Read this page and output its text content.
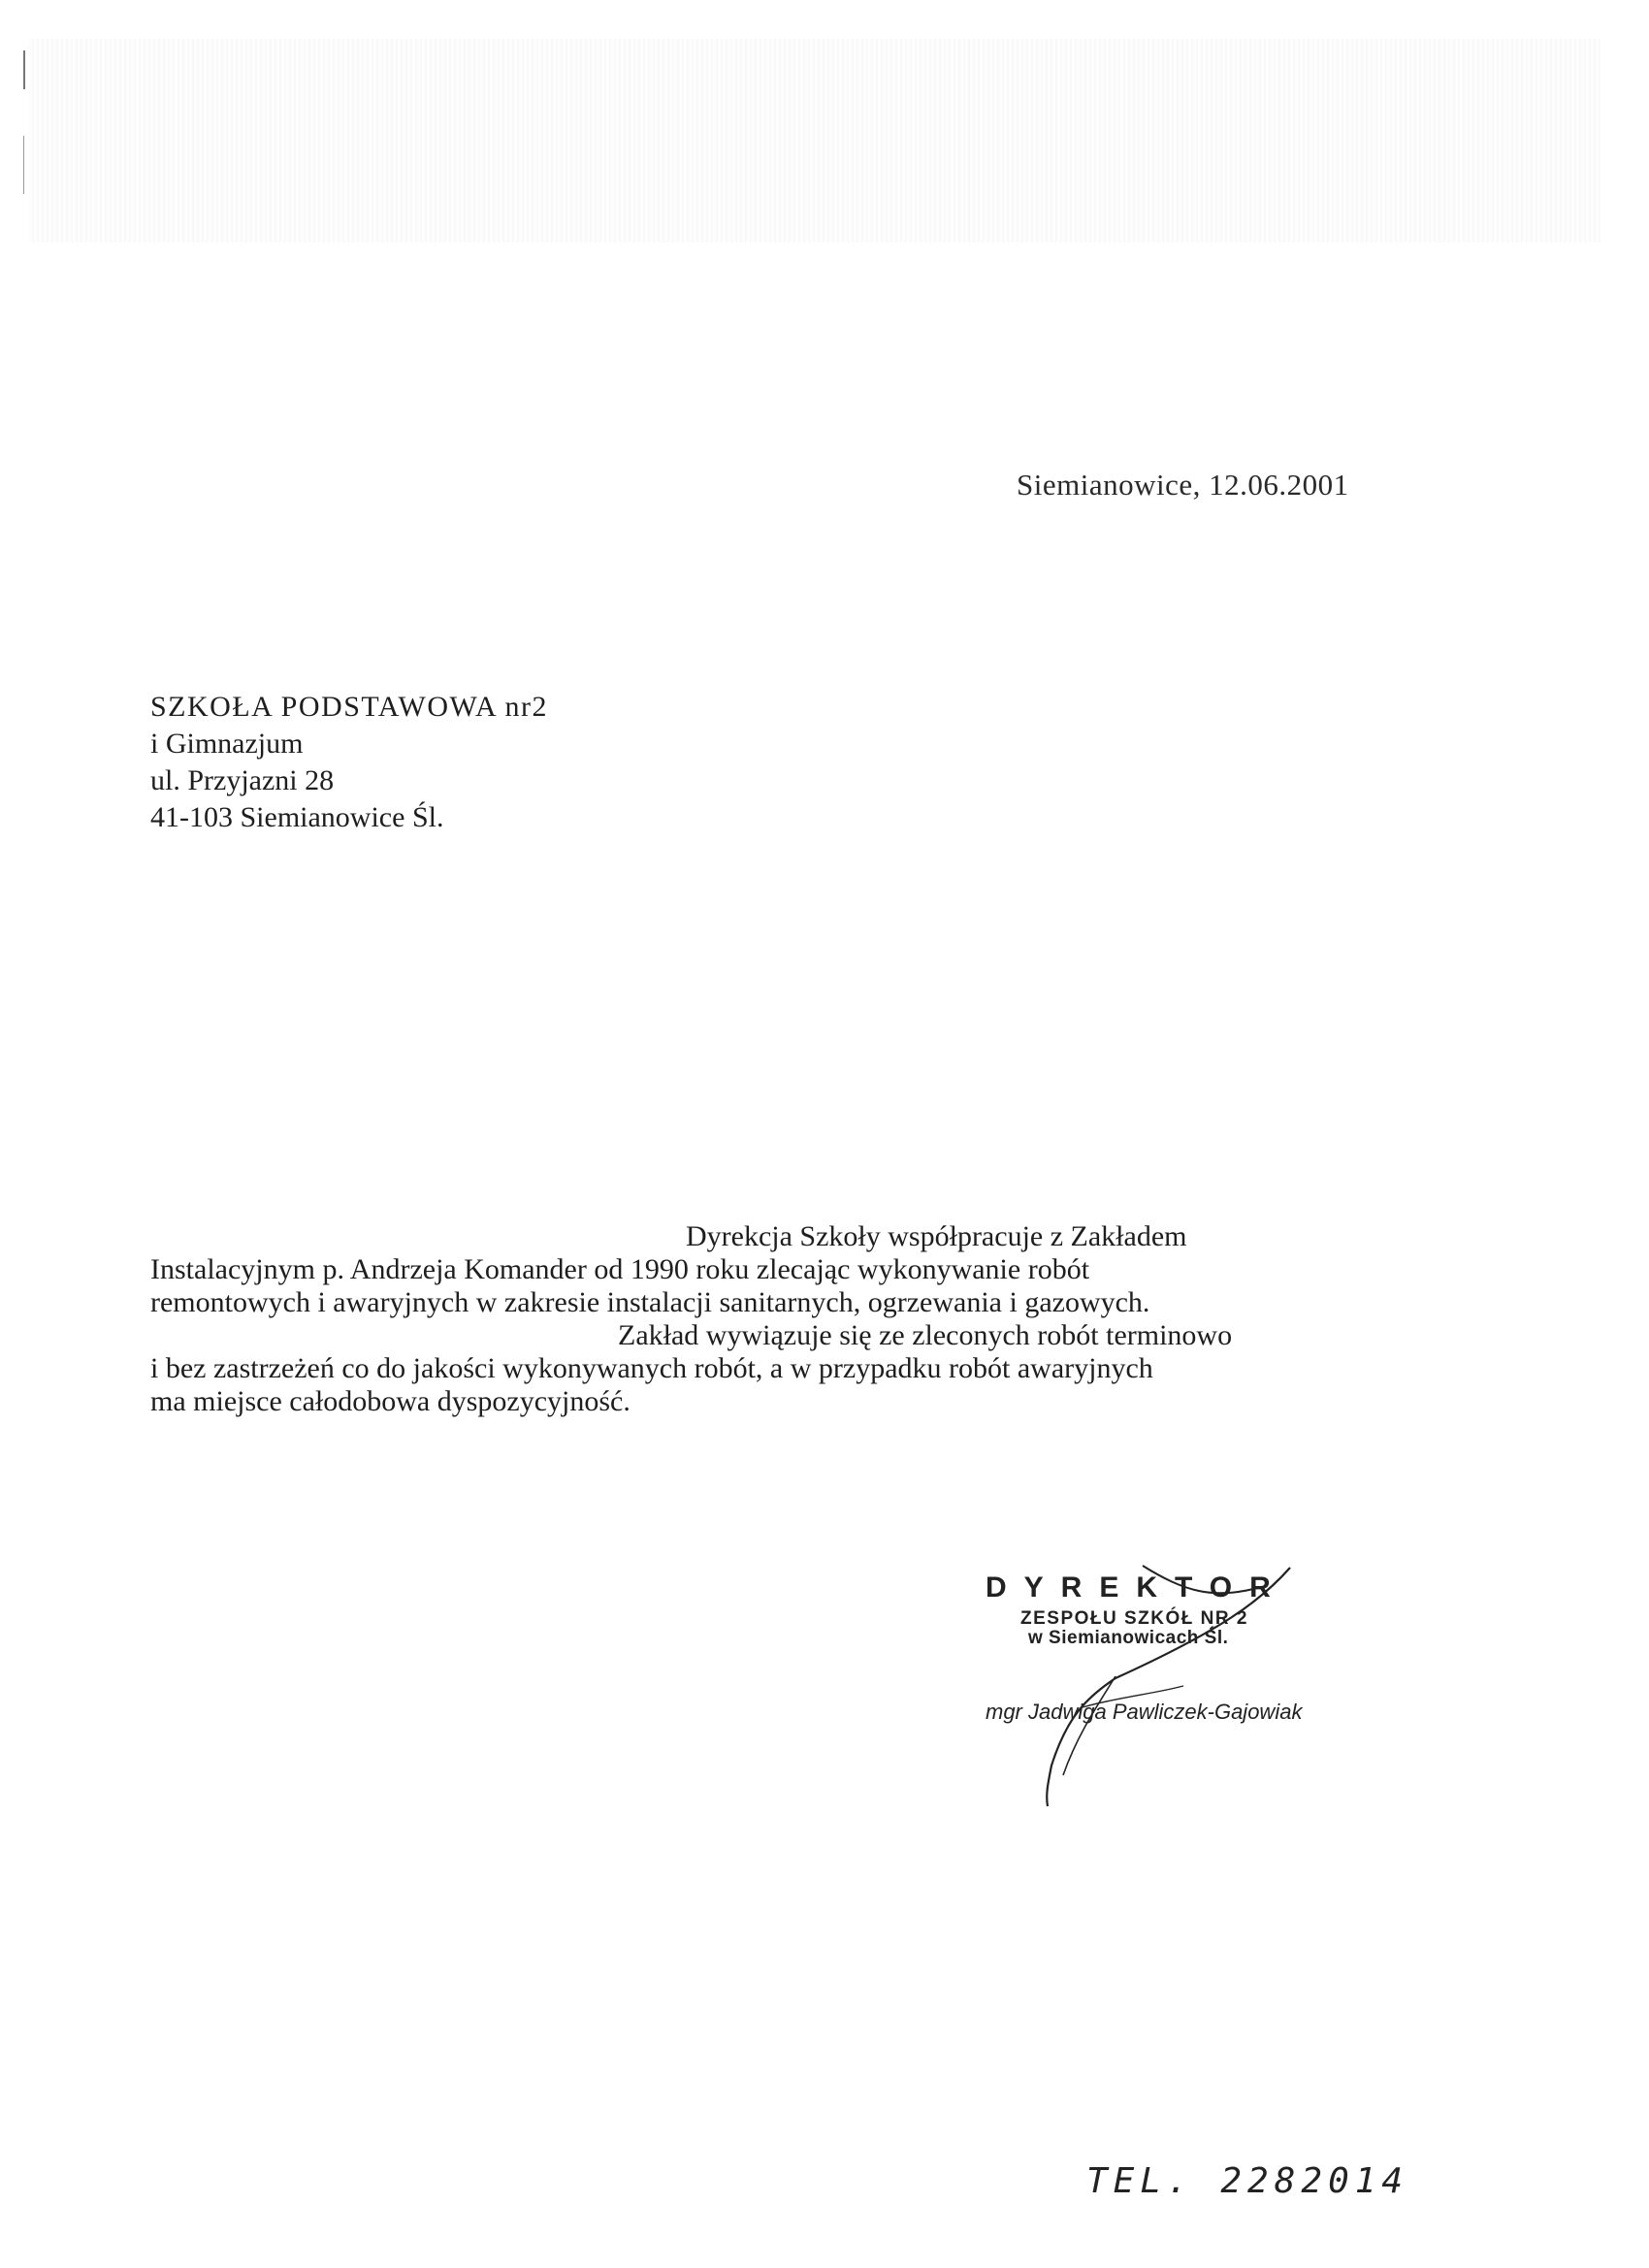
Siemianowice, 12.06.2001
SZKOŁA PODSTAWOWA nr2
i Gimnazjum
ul. Przyjazni 28
41-103 Siemianowice Śl.
Dyrekcja Szkoły współpracuje z Zakładem
Instalacyjnym p. Andrzeja Komander od 1990 roku zlecając wykonywanie robót
remontowych i awaryjnych w zakresie instalacji sanitarnych, ogrzewania i gazowych.
Zakład wywiązuje się ze zleconych robót terminowo
i bez zastrzeżeń co do jakości wykonywanych robót, a w przypadku robót awaryjnych
ma miejsce całodobowa dyspozycyjność.
DYREKTOR
ZESPOŁU SZKÓŁ NR 2
w Siemianowicach Śl.
mgr Jadwiga Pawliczek-Gajowiak
TEL. 2282014
